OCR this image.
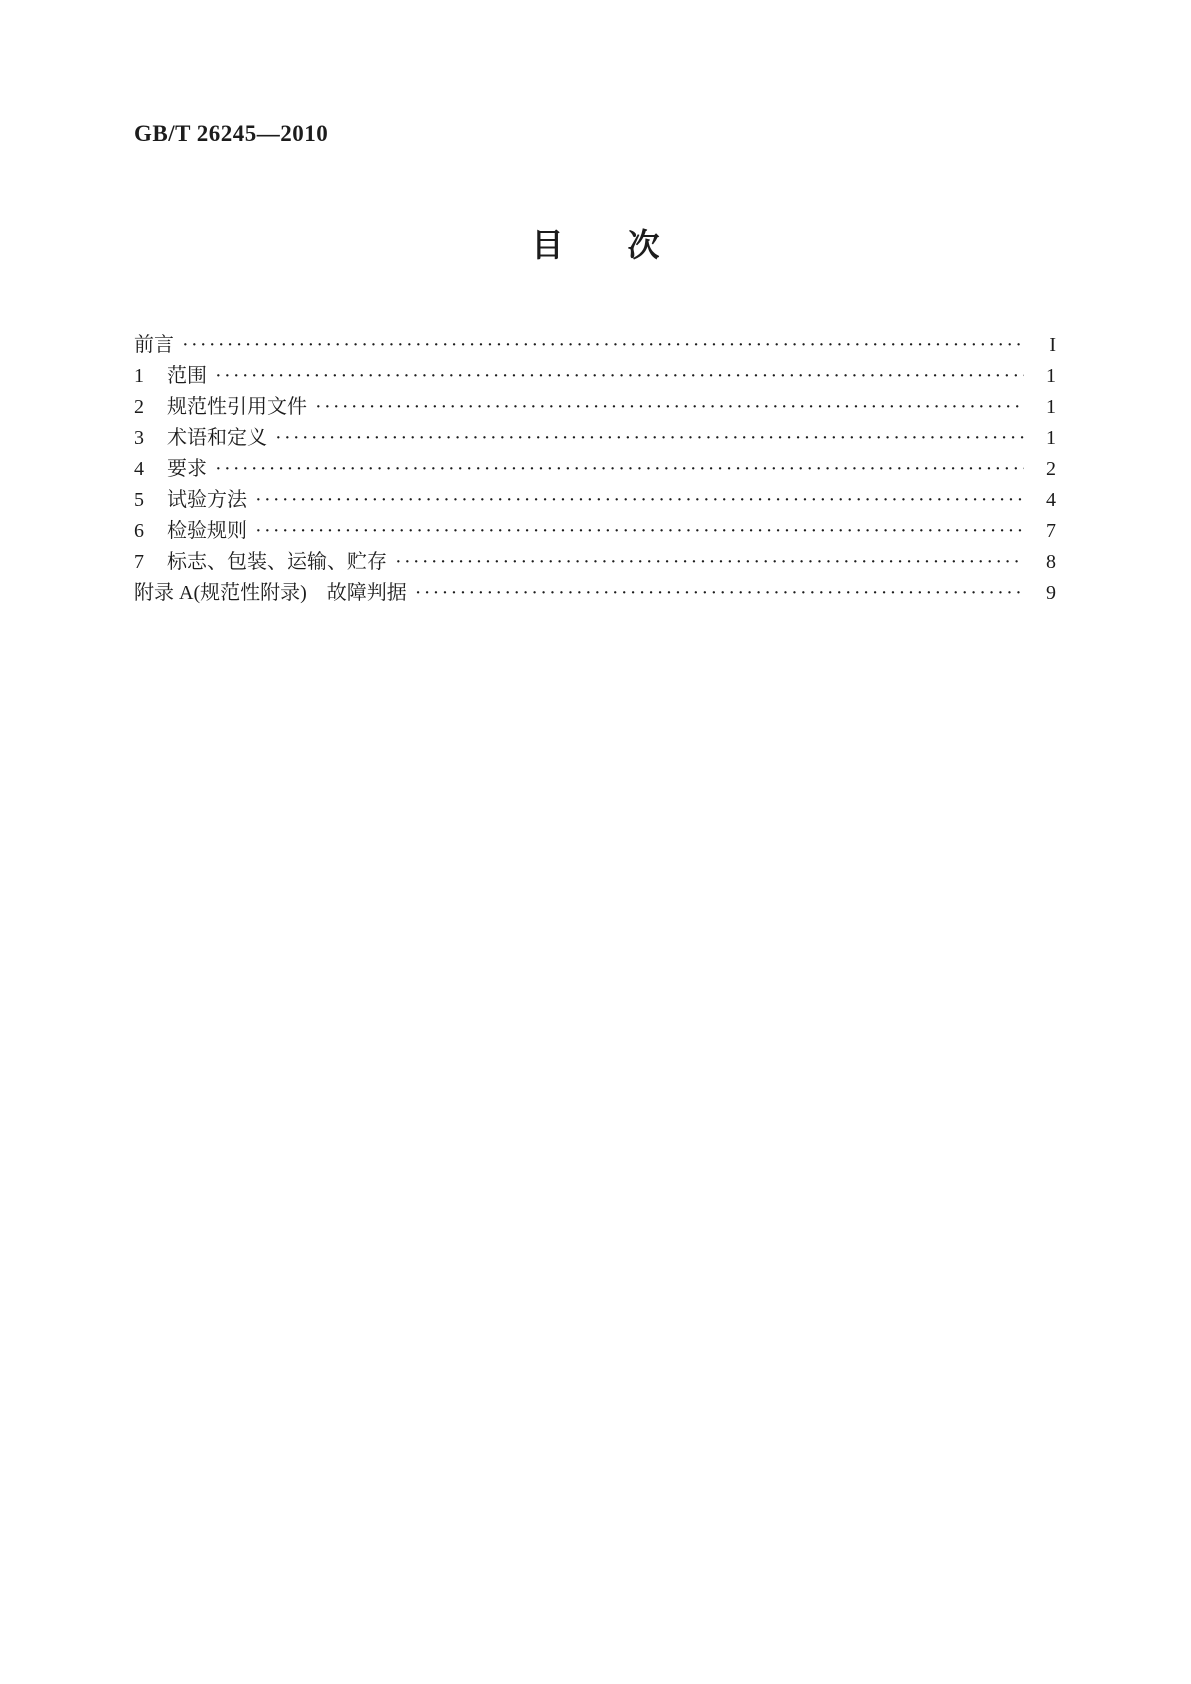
GB/T 26245—2010
目　　次
前言 ·····	I
1	范围 ·····	1
2	规范性引用文件 ·····	1
3	术语和定义 ·····	1
4	要求 ·····	2
5	试验方法 ·····	4
6	检验规则 ·····	7
7	标志、包装、运输、贮存 ·····	8
附录 A(规范性附录)　故障判据 ·····	9
